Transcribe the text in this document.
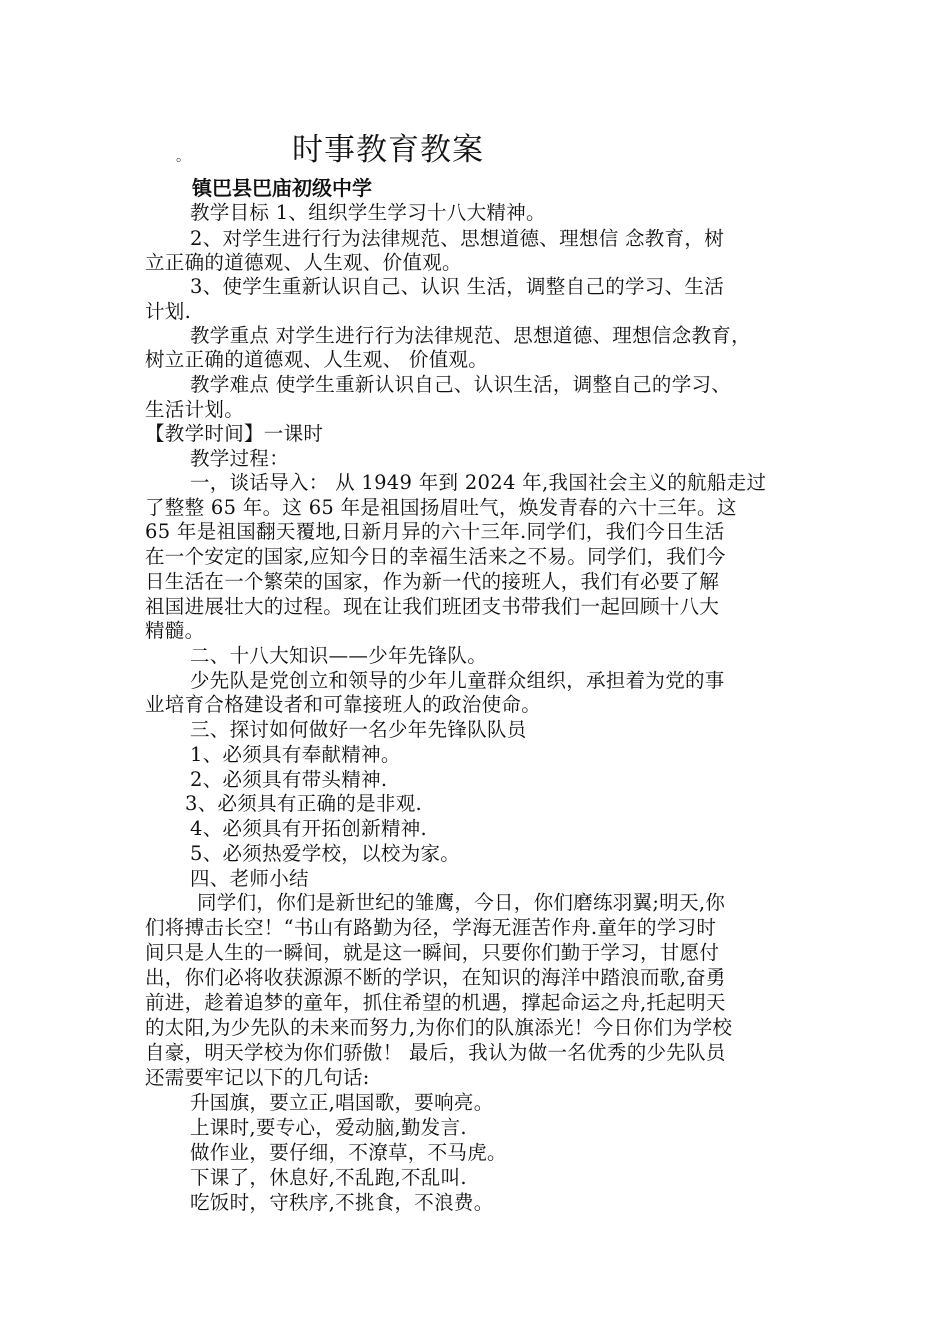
。	时事教育教案
镇巴县巴庙初级中学
教学目标 1、组织学生学习十八大精神。
2、对学生进行行为法律规范、思想道德、理想信 念教育，树
立正确的道德观、人生观、价值观。
3、使学生重新认识自己、认识 生活，调整自己的学习、生活
计划.
教学重点 对学生进行行为法律规范、思想道德、理想信念教育，
树立正确的道德观、人生观、 价值观。
教学难点 使学生重新认识自己、认识生活，调整自己的学习、
生活计划。
【教学时间】一课时
教学过程：
一，谈话导入： 从 1949 年到 2024 年,我国社会主义的航船走过
了整整 65 年。这 65 年是祖国扬眉吐气，焕发青春的六十三年。这
65 年是祖国翻天覆地,日新月异的六十三年.同学们，我们今日生活
在一个安定的国家,应知今日的幸福生活来之不易。同学们，我们今
日生活在一个繁荣的国家，作为新一代的接班人，我们有必要了解
祖国进展壮大的过程。现在让我们班团支书带我们一起回顾十八大
精髓。
二、十八大知识——少年先锋队。
少先队是党创立和领导的少年儿童群众组织，承担着为党的事
业培育合格建设者和可靠接班人的政治使命。
三、探讨如何做好一名少年先锋队队员
1、必须具有奉献精神。
2、必须具有带头精神.
3、必须具有正确的是非观.
4、必须具有开拓创新精神.
5、必须热爱学校，以校为家。
四、老师小结
同学们，你们是新世纪的雏鹰，今日，你们磨练羽翼;明天,你
们将搏击长空！“书山有路勤为径，学海无涯苦作舟.童年的学习时
间只是人生的一瞬间，就是这一瞬间，只要你们勤于学习，甘愿付
出，你们必将收获源源不断的学识，在知识的海洋中踏浪而歌,奋勇
前进，趁着追梦的童年，抓住希望的机遇，撑起命运之舟,托起明天
的太阳,为少先队的未来而努力,为你们的队旗添光！今日你们为学校
自豪，明天学校为你们骄傲！ 最后，我认为做一名优秀的少先队员
还需要牢记以下的几句话:
升国旗，要立正,唱国歌，要响亮。
上课时,要专心，爱动脑,勤发言.
做作业，要仔细，不潦草，不马虎。
下课了，休息好,不乱跑,不乱叫.
吃饭时，守秩序,不挑食，不浪费。
